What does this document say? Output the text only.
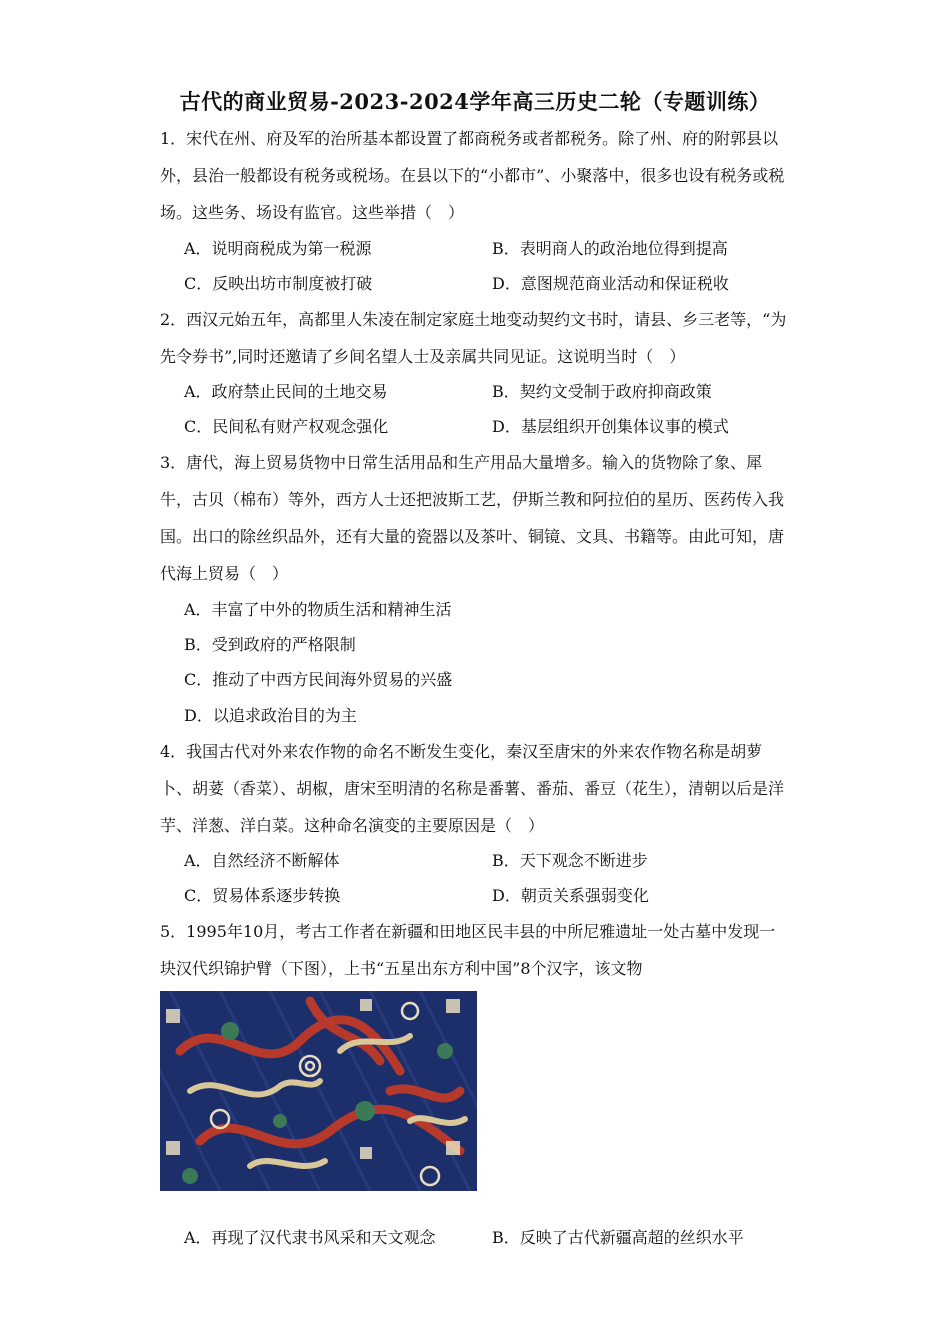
古代的商业贸易-2023-2024学年高三历史二轮（专题训练）
1．宋代在州、府及军的治所基本都设置了都商税务或者都税务。除了州、府的附郭县以外，县治一般都设有税务或税场。在县以下的“小都市”、小聚落中，很多也设有税务或税场。这些务、场设有监官。这些举措（　）
A．说明商税成为第一税源	B．表明商人的政治地位得到提高
C．反映出坊市制度被打破	D．意图规范商业活动和保证税收
2．西汉元始五年，高都里人朱凌在制定家庭土地变动契约文书时，请县、乡三老等，“为 先令券书”,同时还邀请了乡间名望人士及亲属共同见证。这说明当时（　）
A．政府禁止民间的土地交易	B．契约文受制于政府抑商政策
C．民间私有财产权观念强化	D．基层组织开创集体议事的模式
3．唐代，海上贸易货物中日常生活用品和生产用品大量增多。输入的货物除了象、犀牛，古贝（棉布）等外，西方人士还把波斯工艺，伊斯兰教和阿拉伯的星历、医药传入我国。出口的除丝织品外，还有大量的瓷器以及茶叶、铜镜、文具、书籍等。由此可知，唐代海上贸易（　）
A．丰富了中外的物质生活和精神生活
B．受到政府的严格限制
C．推动了中西方民间海外贸易的兴盛
D．以追求政治目的为主
4．我国古代对外来农作物的命名不断发生变化，秦汉至唐宋的外来农作物名称是胡萝卜、胡荽（香菜）、胡椒，唐宋至明清的名称是番薯、番茄、番豆（花生），清朝以后是洋芋、洋葱、洋白菜。这种命名演变的主要原因是（　）
A．自然经济不断解体	B．天下观念不断进步
C．贸易体系逐步转换	D．朝贡关系强弱变化
5．1995年10月，考古工作者在新疆和田地区民丰县的中所尼雅遗址一处古墓中发现一块汉代织锦护臂（下图），上书“五星出东方利中国”8个汉字，该文物
A．再现了汉代隶书风采和天文观念	B．反映了古代新疆高超的丝织水平
